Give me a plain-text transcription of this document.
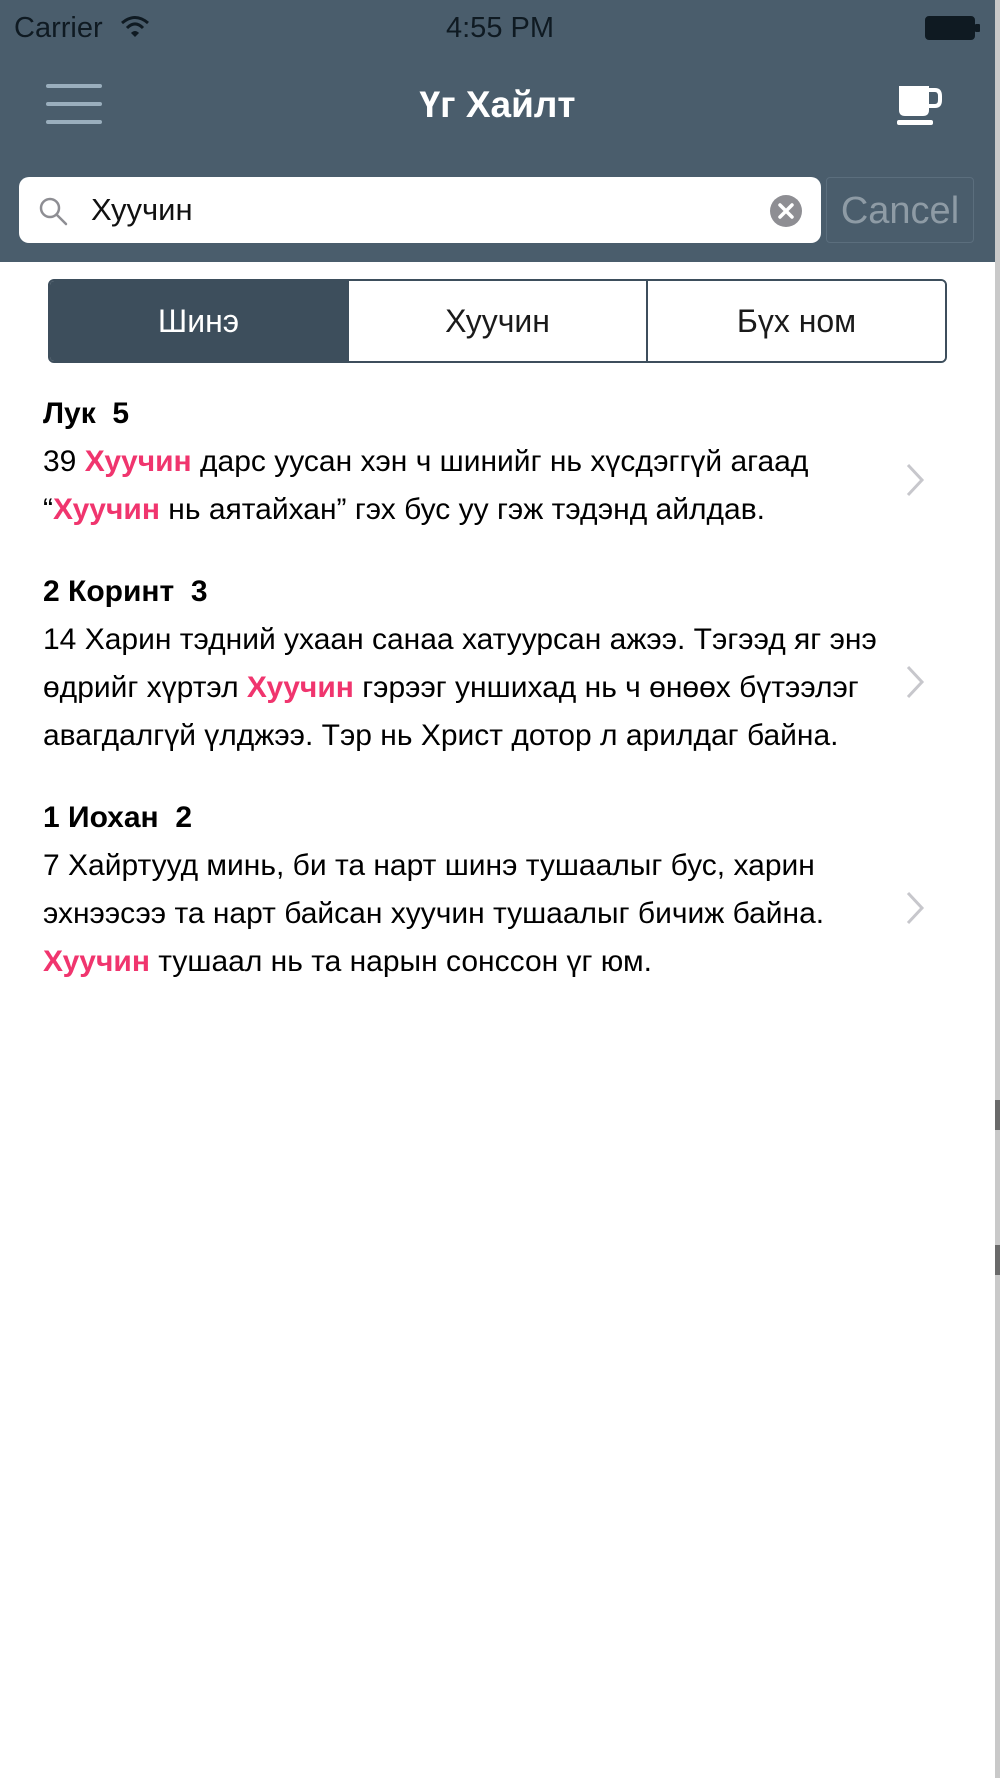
Carrier	4:55 PM
Үг Хайлт
Хуучин
Cancel
Шинэ	Хуучин	Бүх ном
Лук  5
39 Хуучин дарс уусан хэн ч шинийг нь хүсдэггүй агаад “Хуучин нь аятайхан” гэх бус уу гэж тэдэнд айлдав.
2 Коринт  3
14 Харин тэдний ухаан санаа хатуурсан ажээ. Тэгээд яг энэ өдрийг хүртэл Хуучин гэрээг уншихад нь ч өнөөх бүтээлэг авагдалгүй үлджээ. Тэр нь Христ дотор л арилдаг байна.
1 Иохан  2
7 Хайртууд минь, би та нарт шинэ тушаалыг бус, харин эхнээсээ та нарт байсан хуучин тушаалыг бичиж байна. Хуучин тушаал нь та нарын сонссон үг юм.
